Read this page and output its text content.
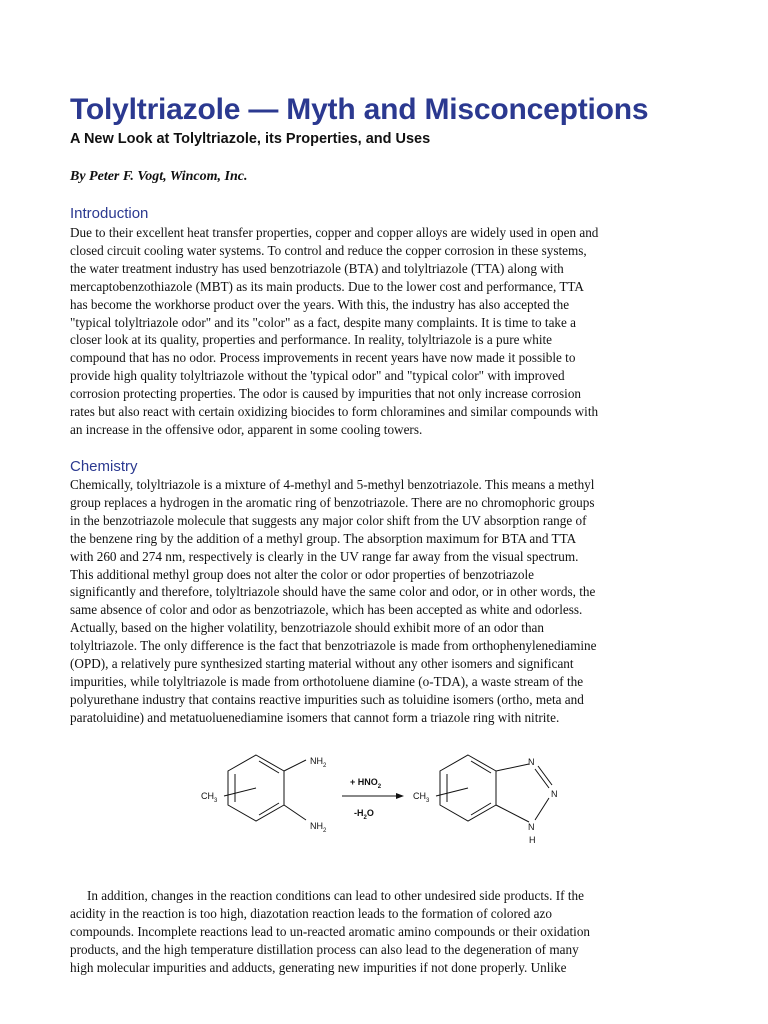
Tolyltriazole — Myth and Misconceptions

A New Look at Tolyltriazole, its Properties, and Uses

By Peter F. Vogt, Wincom, Inc.

Introduction
Due to their excellent heat transfer properties, copper and copper alloys are widely used in open and
closed circuit cooling water systems. To control and reduce the copper corrosion in these systems,
the water treatment industry has used benzotriazole (BTA) and tolyltriazole (TTA) along with
mercaptobenzothiazole (MBT) as its main products. Due to the lower cost and performance, TTA
has become the workhorse product over the years. With this, the industry has also accepted the
"typical tolyltriazole odor" and its "color" as a fact, despite many complaints. It is time to take a
closer look at its quality, properties and performance. In reality, tolyltriazole is a pure white
compound that has no odor. Process improvements in recent years have now made it possible to
provide high quality tolyltriazole without the 'typical odor" and "typical color" with improved
corrosion protecting properties. The odor is caused by impurities that not only increase corrosion
rates but also react with certain oxidizing biocides to form chloramines and similar compounds with
an increase in the offensive odor, apparent in some cooling towers.
Chemistry
Chemically, tolyltriazole is a mixture of 4-methyl and 5-methyl benzotriazole. This means a methyl
group replaces a hydrogen in the aromatic ring of benzotriazole. There are no chromophoric groups
in the benzotriazole molecule that suggests any major color shift from the UV absorption range of
the benzene ring by the addition of a methyl group. The absorption maximum for BTA and TTA
with 260 and 274 nm, respectively is clearly in the UV range far away from the visual spectrum.
This additional methyl group does not alter the color or odor properties of benzotriazole
significantly and therefore, tolyltriazole should have the same color and odor, or in other words, the
same absence of color and odor as benzotriazole, which has been accepted as white and odorless.
Actually, based on the higher volatility, benzotriazole should exhibit more of an odor than
tolyltriazole. The only difference is the fact that benzotriazole is made from orthophenylenediamine
(OPD), a relatively pure synthesized starting material without any other isomers and significant
impurities, while tolyltriazole is made from orthotoluene diamine (o-TDA), a waste stream of the
polyurethane industry that contains reactive impurities such as toluidine isomers (ortho, meta and
paratoluidine) and metatuoluenediamine isomers that cannot form a triazole ring with nitrite.
In addition, changes in the reaction conditions can lead to other undesired side products. If the
acidity in the reaction is too high, diazotation reaction leads to the formation of colored azo
compounds. Incomplete reactions lead to un-reacted aromatic amino compounds or their oxidation
products, and the high temperature distillation process can also lead to the degeneration of many
high molecular impurities and adducts, generating new impurities if not done properly. Unlike
$NH_2$
$NH_2$
$CH_3$
+ $HNO_2$
$-H_2O$
N
N
N
H
$CH_3$
